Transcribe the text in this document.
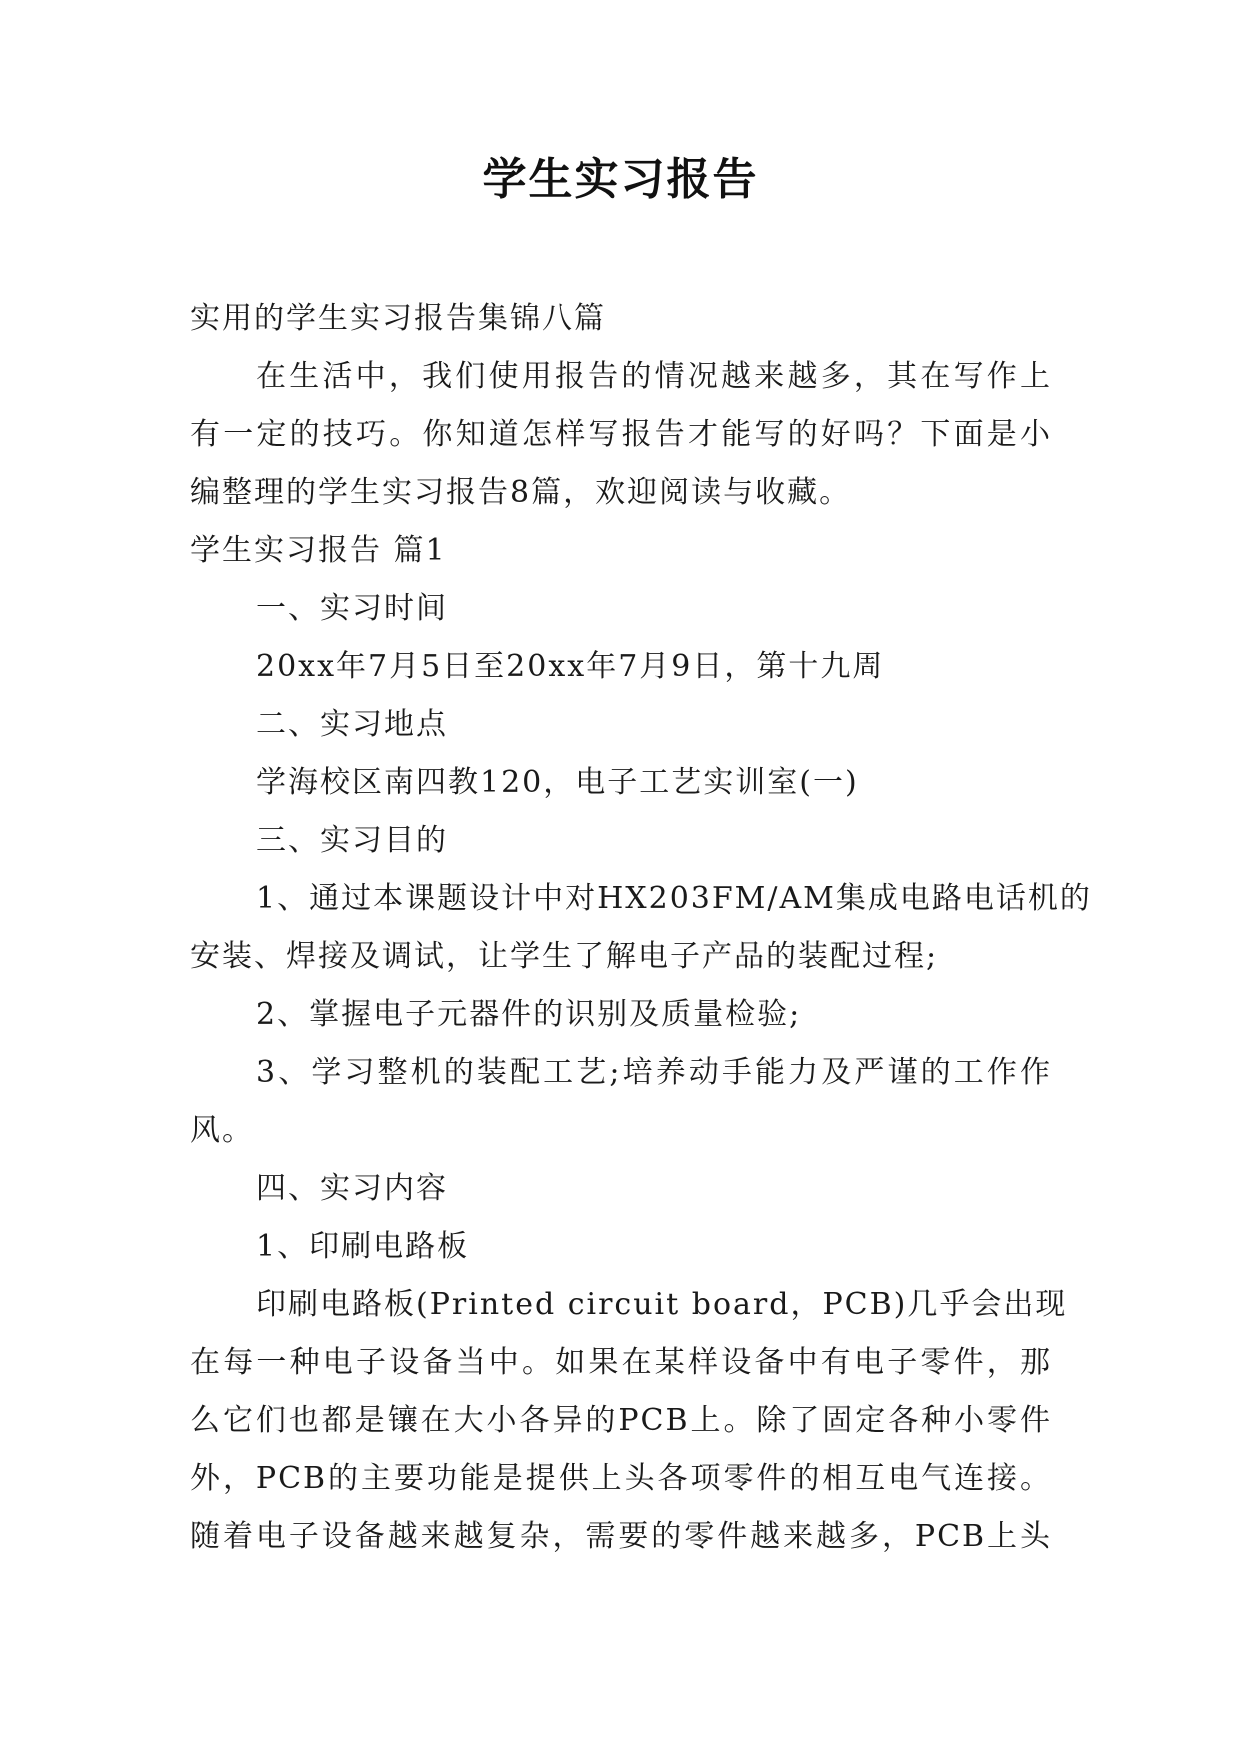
学生实习报告
实用的学生实习报告集锦八篇
在生活中，我们使用报告的情况越来越多，其在写作上
有一定的技巧。你知道怎样写报告才能写的好吗？下面是小
编整理的学生实习报告8篇，欢迎阅读与收藏。
学生实习报告 篇1
一、实习时间
20xx年7月5日至20xx年7月9日，第十九周
二、实习地点
学海校区南四教120，电子工艺实训室(一)
三、实习目的
1、通过本课题设计中对HX203FM/AM集成电路电话机的
安装、焊接及调试，让学生了解电子产品的装配过程;
2、掌握电子元器件的识别及质量检验;
3、学习整机的装配工艺;培养动手能力及严谨的工作作
风。
四、实习内容
1、印刷电路板
印刷电路板(Printed circuit board，PCB)几乎会出现
在每一种电子设备当中。如果在某样设备中有电子零件，那
么它们也都是镶在大小各异的PCB上。除了固定各种小零件
外，PCB的主要功能是提供上头各项零件的相互电气连接。
随着电子设备越来越复杂，需要的零件越来越多，PCB上头
